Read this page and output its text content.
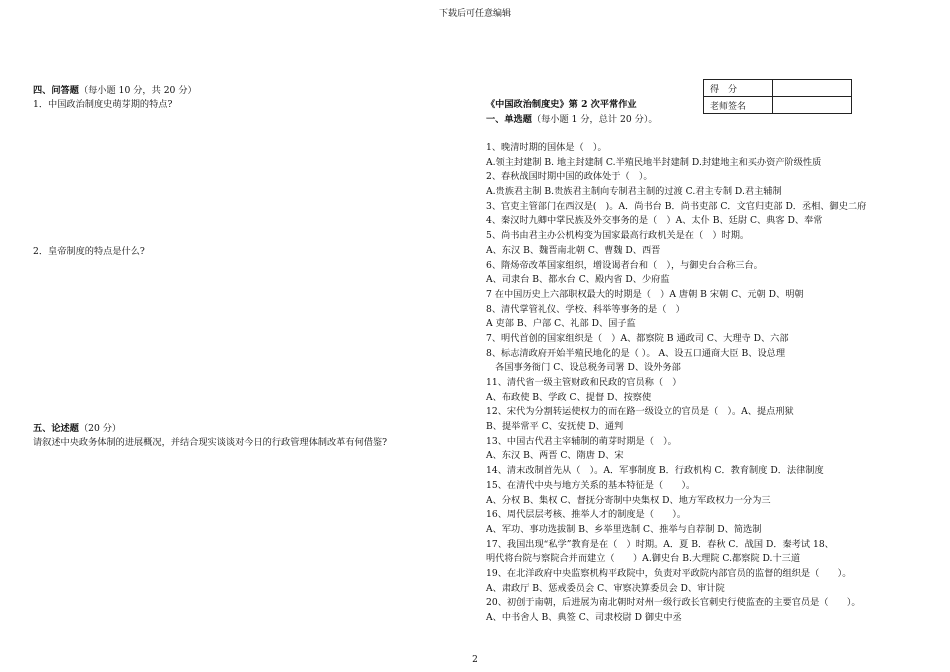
下载后可任意编辑
四、问答题（每小题 10 分，共 20 分）
1．中国政治制度史萌芽期的特点?
2．皇帝制度的特点是什么?
五、论述题（20 分）
请叙述中央政务体制的进展概况，并结合现实谈谈对今日的行政管理体制改革有何借鉴?
得　分	
老师签名	
《中国政治制度史》第 2 次平常作业
一、单选题（每小题 1 分，总计 20 分）。
1、晚清时期的国体是（　）。
A.领主封建制 B. 地主封建制 C.半殖民地半封建制 D.封建地主和买办资产阶级性质
2、春秋战国时期中国的政体处于（　）。
A.贵族君主制 B.贵族君主制向专制君主制的过渡 C.君主专制 D.君主辅制
3、官吏主管部门在西汉是(　)。A．尚书台 B．尚书吏部 C．文官归吏部 D．丞相、御史二府
4、秦汉时九卿中掌民族及外交事务的是（　）A、太仆 B、廷尉 C、典客 D、奉常
5、尚书由君主办公机构变为国家最高行政机关是在（　）时期。
A、东汉 B、魏晋南北朝 C、曹魏 D、西晋
6、隋炀帝改革国家组织，增设谒者台和（　），与御史台合称三台。
A、司隶台 B、都水台 C、殿内省 D、少府监
7 在中国历史上六部职权最大的时期是（　）A 唐朝 B 宋朝 C、元朝 D、明朝
8、清代掌管礼仪、学校、科举等事务的是（　）
A 吏部 B、户部 C、礼部 D、国子监
7、明代首创的国家组织是（　）A、都察院 B 通政司 C、大理寺 D、六部
8、标志清政府开始半殖民地化的是（ ）。 A、设五口通商大臣 B、设总理
　各国事务衙门 C、设总税务司署 D、设外务部
11、清代省一级主管财政和民政的官员称（　）
A、布政使 B、学政 C、提督 D、按察使
12、宋代为分割转运使权力的而在路一级设立的官员是（　）。A、提点刑狱
B、提举常平 C、安抚使 D、通判
13、中国古代君主宰辅制的萌芽时期是（　）。
A、东汉 B、两晋 C、隋唐 D、宋
14、清末改制首先从（　）。A．军事制度 B．行政机构 C．教育制度 D．法律制度
15、在清代中央与地方关系的基本特征是（　　）。
A、分权 B、集权 C、督抚分寄制中央集权 D、地方军政权力一分为三
16、周代层层考核、推举人才的制度是（　　）。
A、军功、事功选拔制 B、乡举里选制 C、推举与自荐制 D、简选制
17、我国出现“私学”教育是在（　）时期。A．夏 B．春秋 C．战国 D．秦考试 18、
明代将台院与察院合并而建立（　　）A.御史台 B.大理院 C.都察院 D.十三道
19、在北洋政府中央监察机构平政院中，负责对平政院内部官员的监督的组织是（　　）。
A、肃政厅 B、惩戒委员会 C、审察决算委员会 D、审计院
20、初创于南朝，后进展为南北朝时对州一级行政长官刺史行使监查的主要官员是（　　）。
A、中书舍人 B、典签 C、司隶校尉 D 御史中丞
2
